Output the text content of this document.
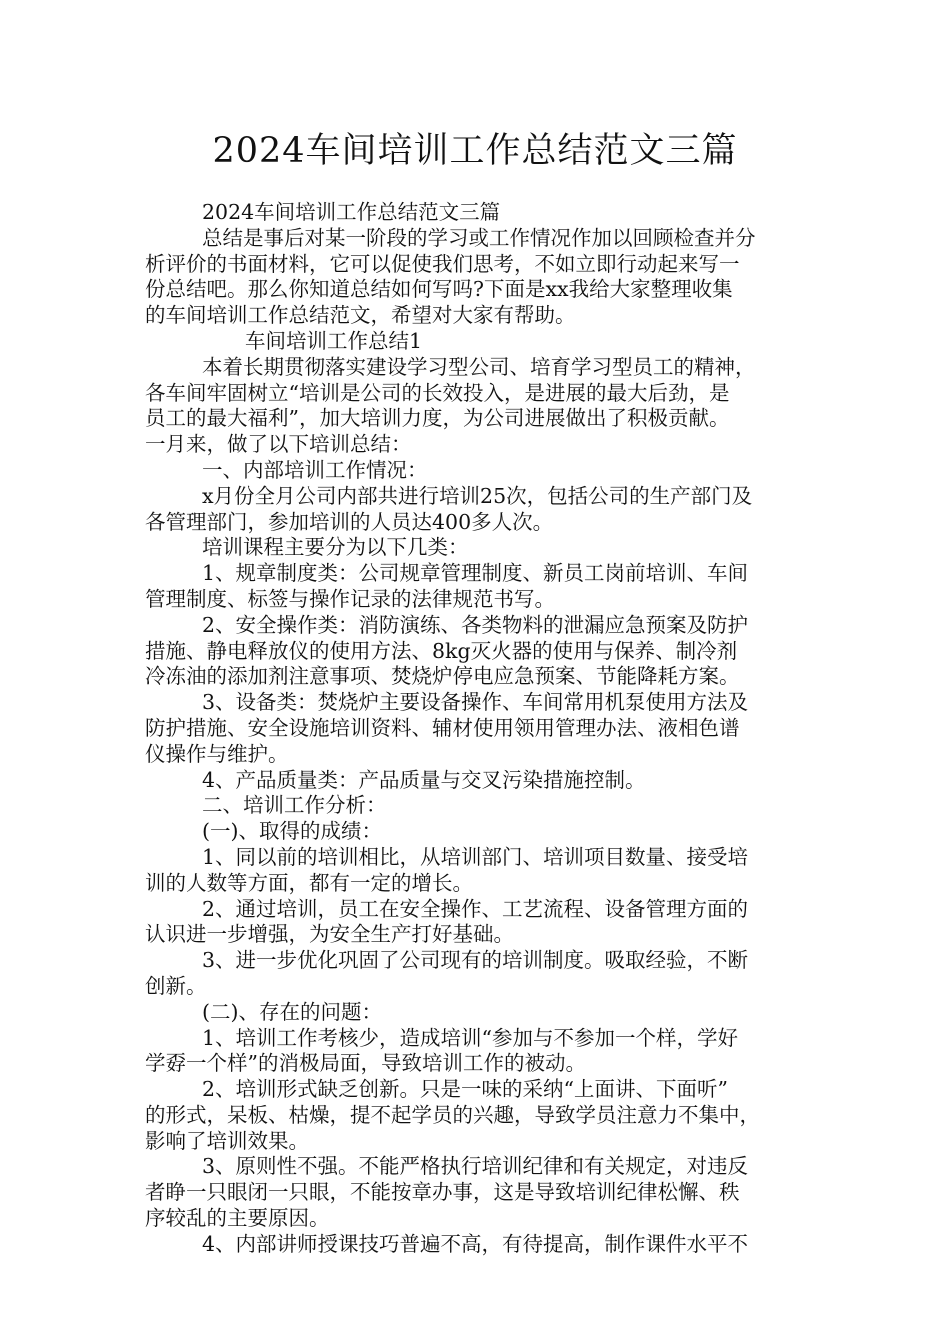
2024车间培训工作总结范文三篇

2024车间培训工作总结范文三篇

总结是事后对某一阶段的学习或工作情况作加以回顾检查并分

析评价的书面材料，它可以促使我们思考，不如立即行动起来写一

份总结吧。那么你知道总结如何写吗?下面是xx我给大家整理收集

的车间培训工作总结范文，希望对大家有帮助。

车间培训工作总结1

本着长期贯彻落实建设学习型公司、培育学习型员工的精神，

各车间牢固树立“培训是公司的长效投入，是进展的最大后劲，是

员工的最大福利”，加大培训力度，为公司进展做出了积极贡献。

一月来，做了以下培训总结：

一、内部培训工作情况：

x月份全月公司内部共进行培训25次，包括公司的生产部门及

各管理部门，参加培训的人员达400多人次。

培训课程主要分为以下几类：

1、规章制度类：公司规章管理制度、新员工岗前培训、车间

管理制度、标签与操作记录的法律规范书写。

2、安全操作类：消防演练、各类物料的泄漏应急预案及防护

措施、静电释放仪的使用方法、8kg灭火器的使用与保养、制冷剂

冷冻油的添加剂注意事项、焚烧炉停电应急预案、节能降耗方案。

3、设备类：焚烧炉主要设备操作、车间常用机泵使用方法及

防护措施、安全设施培训资料、辅材使用领用管理办法、液相色谱

仪操作与维护。

4、产品质量类：产品质量与交叉污染措施控制。

二、培训工作分析：

(一)、取得的成绩：

1、同以前的培训相比，从培训部门、培训项目数量、接受培

训的人数等方面，都有一定的增长。

2、通过培训，员工在安全操作、工艺流程、设备管理方面的

认识进一步增强，为安全生产打好基础。

3、进一步优化巩固了公司现有的培训制度。吸取经验，不断

创新。

(二)、存在的问题：

1、培训工作考核少，造成培训“参加与不参加一个样，学好

学孬一个样”的消极局面，导致培训工作的被动。

2、培训形式缺乏创新。只是一味的采纳“上面讲、下面听”

的形式，呆板、枯燥，提不起学员的兴趣，导致学员注意力不集中，

影响了培训效果。

3、原则性不强。不能严格执行培训纪律和有关规定，对违反

者睁一只眼闭一只眼，不能按章办事，这是导致培训纪律松懈、秩

序较乱的主要原因。

4、内部讲师授课技巧普遍不高，有待提高，制作课件水平不
